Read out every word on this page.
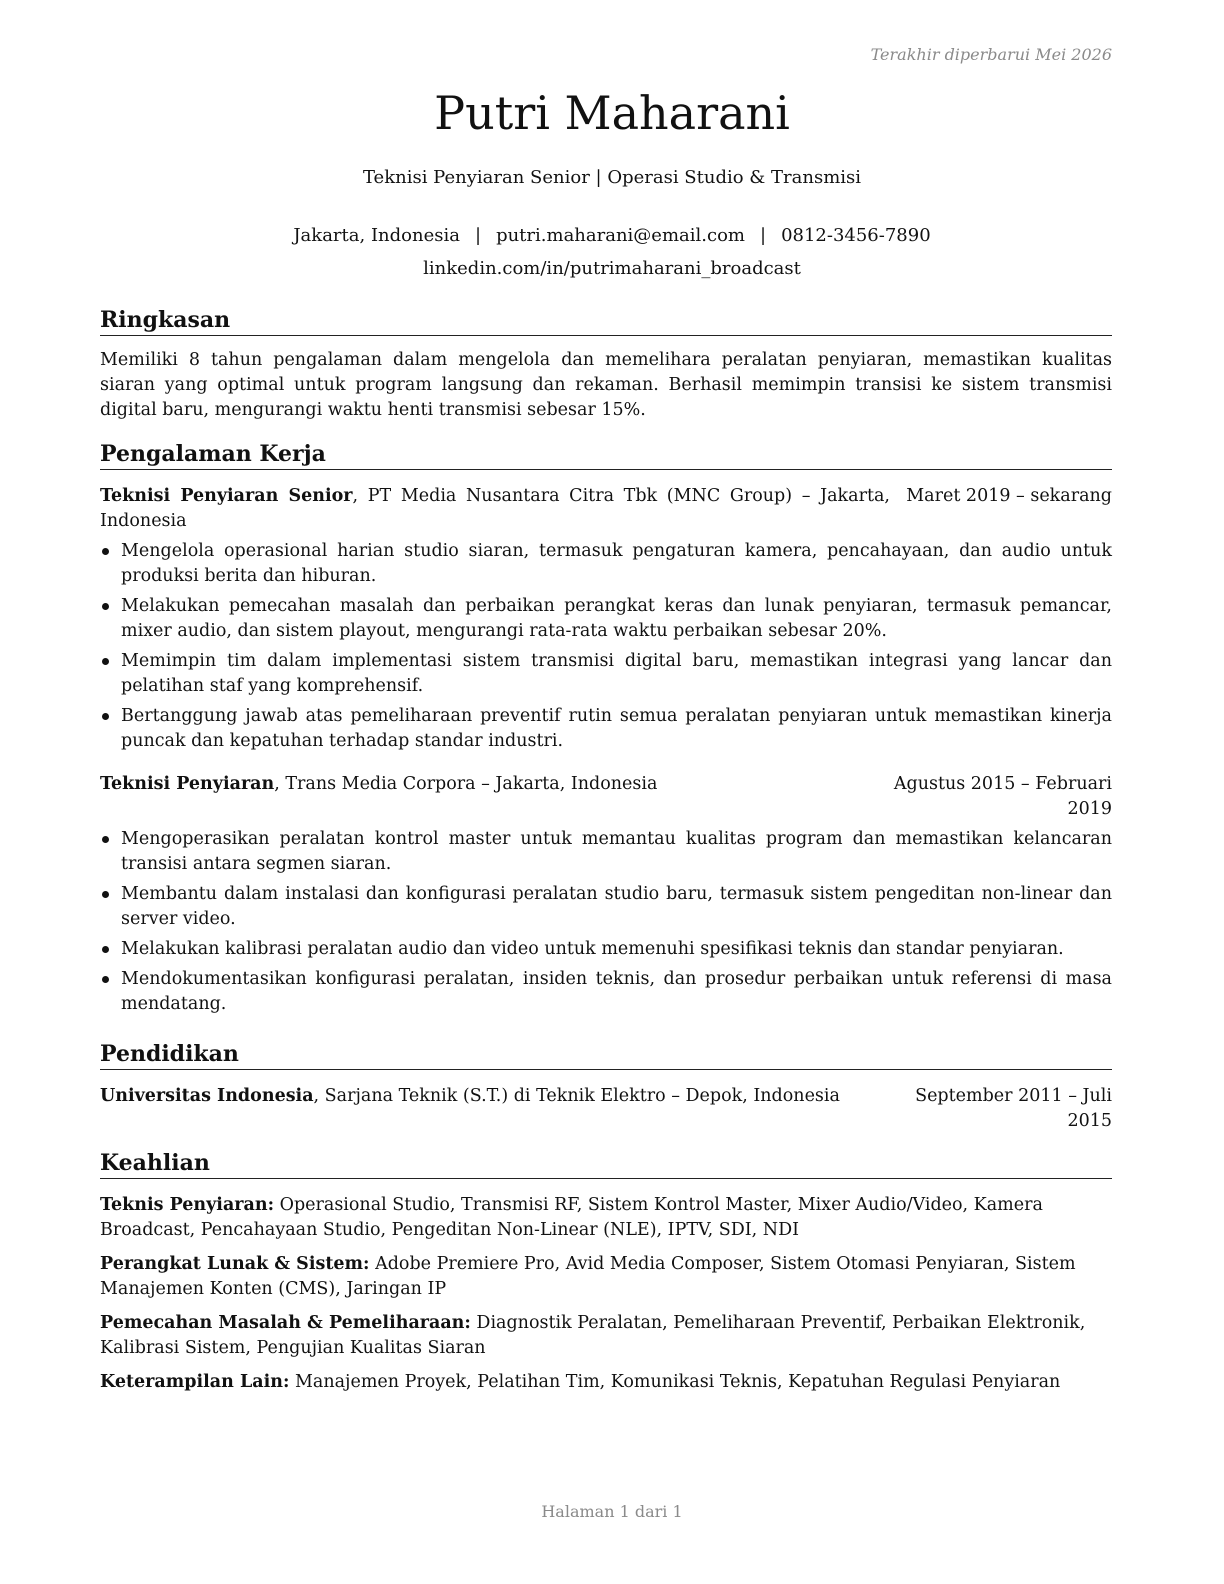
Terakhir diperbarui Mei 2026
Putri Maharani
Teknisi Penyiaran Senior | Operasi Studio & Transmisi
Jakarta, Indonesia | putri.maharani@email.com | 0812-3456-7890
linkedin.com/in/putrimaharani_broadcast
Ringkasan

Memiliki 8 tahun pengalaman dalam mengelola dan memelihara peralatan penyiaran, memastikan kualitas siaran yang optimal untuk program langsung dan rekaman. Berhasil memimpin transisi ke sistem transmisi digital baru, mengurangi waktu henti transmisi sebesar 15%.

Pengalaman Kerja
Teknisi Penyiaran Senior, PT Media Nusantara Citra Tbk (MNC Group) – Jakarta, Indonesia
Maret 2019 – sekarang
Mengelola operasional harian studio siaran, termasuk pengaturan kamera, pencahayaan, dan audio untuk produksi berita dan hiburan.
Melakukan pemecahan masalah dan perbaikan perangkat keras dan lunak penyiaran, termasuk pemancar, mixer audio, dan sistem playout, mengurangi rata-rata waktu perbaikan sebesar 20%.
Memimpin tim dalam implementasi sistem transmisi digital baru, memastikan integrasi yang lancar dan pelatihan staf yang komprehensif.
Bertanggung jawab atas pemeliharaan preventif rutin semua peralatan penyiaran untuk memastikan kinerja puncak dan kepatuhan terhadap standar industri.
Teknisi Penyiaran, Trans Media Corpora – Jakarta, Indonesia	Agustus 2015 – Februari 2019
Mengoperasikan peralatan kontrol master untuk memantau kualitas program dan memastikan kelancaran transisi antara segmen siaran.
Membantu dalam instalasi dan konfigurasi peralatan studio baru, termasuk sistem pengeditan non-linear dan server video.
Melakukan kalibrasi peralatan audio dan video untuk memenuhi spesifikasi teknis dan standar penyiaran.
Mendokumentasikan konfigurasi peralatan, insiden teknis, dan prosedur perbaikan untuk referensi di masa mendatang.
Pendidikan
Universitas Indonesia, Sarjana Teknik (S.T.) di Teknik Elektro – Depok, Indonesia	September 2011 – Juli 2015
Keahlian

Teknis Penyiaran: Operasional Studio, Transmisi RF, Sistem Kontrol Master, Mixer Audio/Video, Kamera Broadcast, Pencahayaan Studio, Pengeditan Non-Linear (NLE), IPTV, SDI, NDI

Perangkat Lunak & Sistem: Adobe Premiere Pro, Avid Media Composer, Sistem Otomasi Penyiaran, Sistem Manajemen Konten (CMS), Jaringan IP

Pemecahan Masalah & Pemeliharaan: Diagnostik Peralatan, Pemeliharaan Preventif, Perbaikan Elektronik, Kalibrasi Sistem, Pengujian Kualitas Siaran

Keterampilan Lain: Manajemen Proyek, Pelatihan Tim, Komunikasi Teknis, Kepatuhan Regulasi Penyiaran

Halaman 1 dari 1
